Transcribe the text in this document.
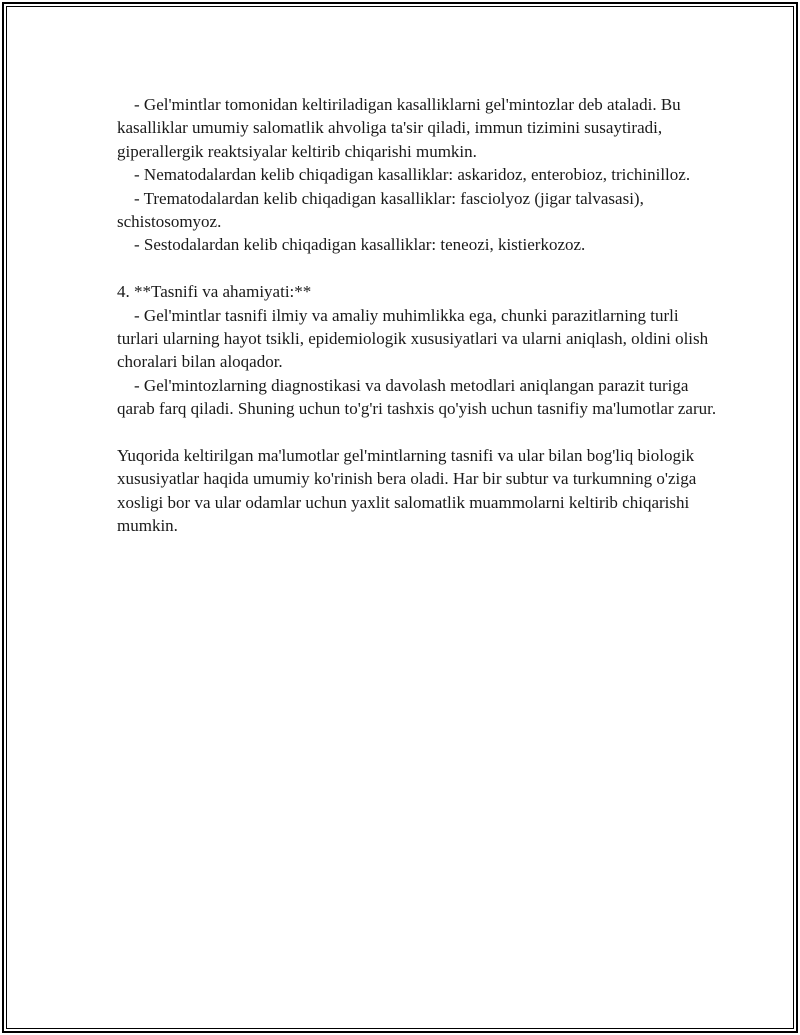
- Gel'mintlar tomonidan keltiriladigan kasalliklarni gel'mintozlar deb ataladi. Bu kasalliklar umumiy salomatlik ahvoliga ta'sir qiladi, immun tizimini susaytiradi, giperallergik reaktsiyalar keltirib chiqarishi mumkin.

- Nematodalardan kelib chiqadigan kasalliklar: askaridoz, enterobioz, trichinilloz.

- Trematodalardan kelib chiqadigan kasalliklar: fasciolyoz (jigar talvasasi), schistosomyoz.

- Sestodalardan kelib chiqadigan kasalliklar: teneozi, kistierkozoz.

4. **Tasnifi va ahamiyati:**

- Gel'mintlar tasnifi ilmiy va amaliy muhimlikka ega, chunki parazitlarning turli turlari ularning hayot tsikli, epidemiologik xususiyatlari va ularni aniqlash, oldini olish choralari bilan aloqador.

- Gel'mintozlarning diagnostikasi va davolash metodlari aniqlangan parazit turiga qarab farq qiladi. Shuning uchun to'g'ri tashxis qo'yish uchun tasnifiy ma'lumotlar zarur.

Yuqorida keltirilgan ma'lumotlar gel'mintlarning tasnifi va ular bilan bog'liq biologik xususiyatlar haqida umumiy ko'rinish bera oladi. Har bir subtur va turkumning o'ziga xosligi bor va ular odamlar uchun yaxlit salomatlik muammolarni keltirib chiqarishi mumkin.
